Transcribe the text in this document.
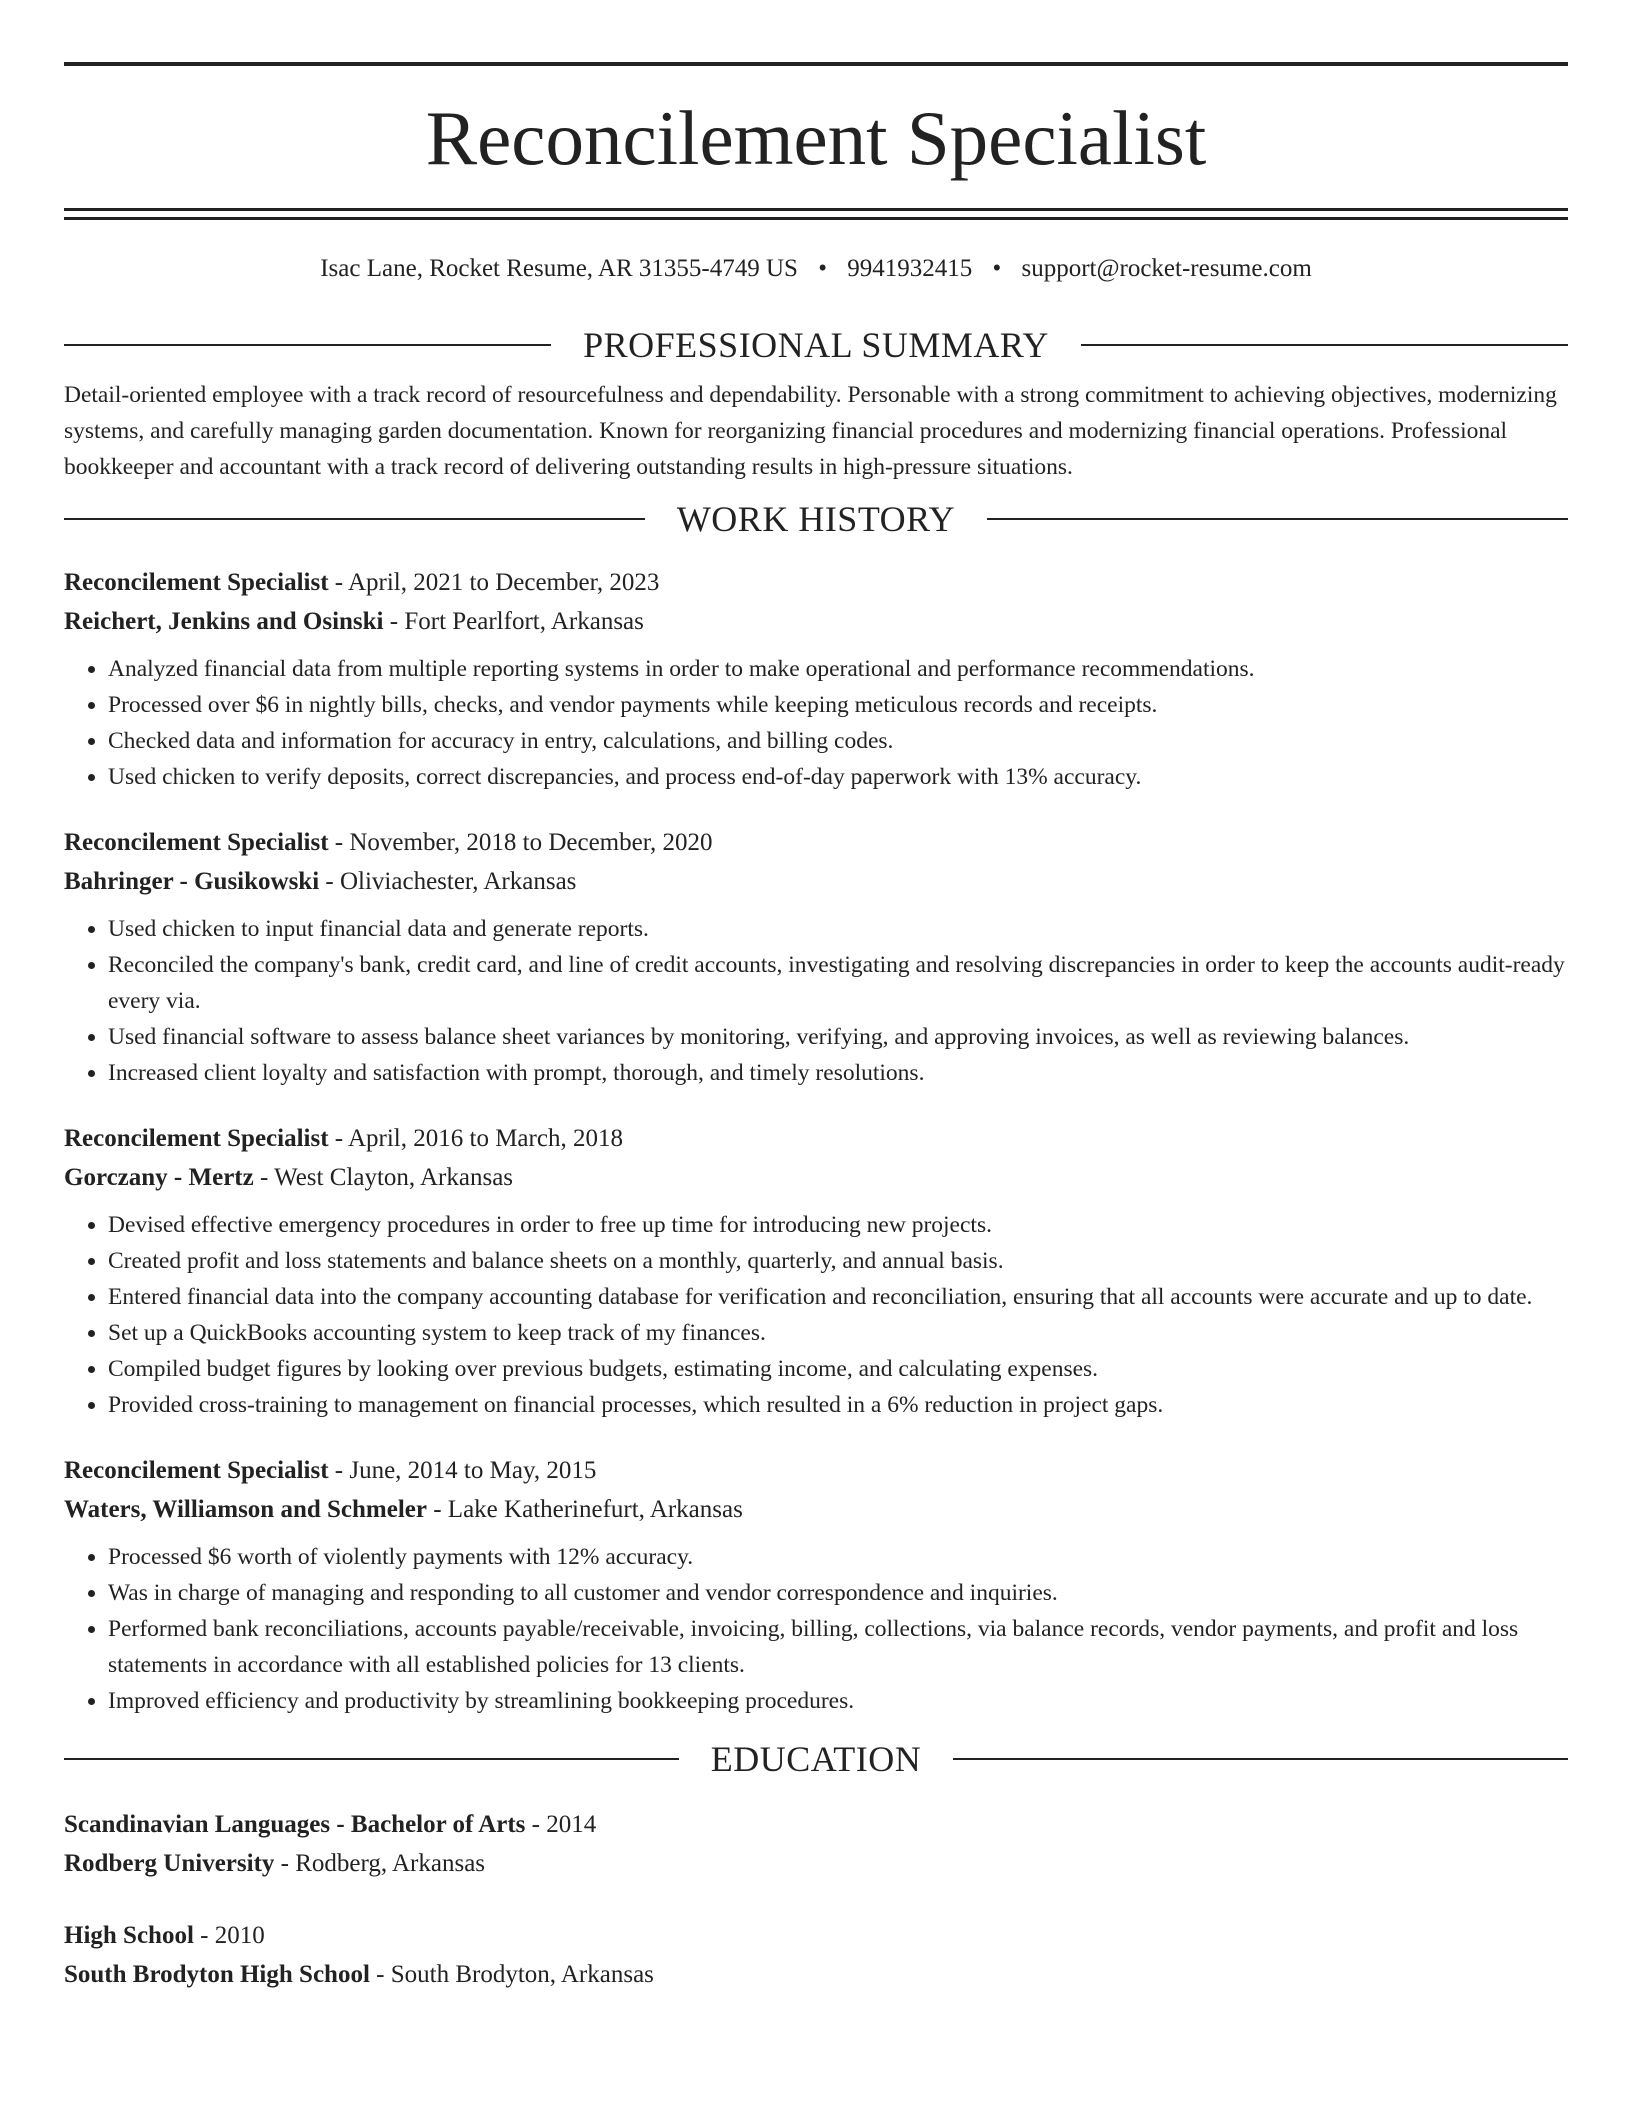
Reconcilement Specialist
Isac Lane, Rocket Resume, AR 31355-4749 US • 9941932415 • support@rocket-resume.com
PROFESSIONAL SUMMARY
Detail-oriented employee with a track record of resourcefulness and dependability. Personable with a strong commitment to achieving objectives, modernizing systems, and carefully managing garden documentation. Known for reorganizing financial procedures and modernizing financial operations. Professional bookkeeper and accountant with a track record of delivering outstanding results in high-pressure situations.
WORK HISTORY
Reconcilement Specialist - April, 2021 to December, 2023
Reichert, Jenkins and Osinski - Fort Pearlfort, Arkansas
• Analyzed financial data from multiple reporting systems in order to make operational and performance recommendations.
• Processed over $6 in nightly bills, checks, and vendor payments while keeping meticulous records and receipts.
• Checked data and information for accuracy in entry, calculations, and billing codes.
• Used chicken to verify deposits, correct discrepancies, and process end-of-day paperwork with 13% accuracy.
Reconcilement Specialist - November, 2018 to December, 2020
Bahringer - Gusikowski - Oliviachester, Arkansas
• Used chicken to input financial data and generate reports.
• Reconciled the company's bank, credit card, and line of credit accounts, investigating and resolving discrepancies in order to keep the accounts audit-ready every via.
• Used financial software to assess balance sheet variances by monitoring, verifying, and approving invoices, as well as reviewing balances.
• Increased client loyalty and satisfaction with prompt, thorough, and timely resolutions.
Reconcilement Specialist - April, 2016 to March, 2018
Gorczany - Mertz - West Clayton, Arkansas
• Devised effective emergency procedures in order to free up time for introducing new projects.
• Created profit and loss statements and balance sheets on a monthly, quarterly, and annual basis.
• Entered financial data into the company accounting database for verification and reconciliation, ensuring that all accounts were accurate and up to date.
• Set up a QuickBooks accounting system to keep track of my finances.
• Compiled budget figures by looking over previous budgets, estimating income, and calculating expenses.
• Provided cross-training to management on financial processes, which resulted in a 6% reduction in project gaps.
Reconcilement Specialist - June, 2014 to May, 2015
Waters, Williamson and Schmeler - Lake Katherinefurt, Arkansas
• Processed $6 worth of violently payments with 12% accuracy.
• Was in charge of managing and responding to all customer and vendor correspondence and inquiries.
• Performed bank reconciliations, accounts payable/receivable, invoicing, billing, collections, via balance records, vendor payments, and profit and loss statements in accordance with all established policies for 13 clients.
• Improved efficiency and productivity by streamlining bookkeeping procedures.
EDUCATION
Scandinavian Languages - Bachelor of Arts - 2014
Rodberg University - Rodberg, Arkansas
High School - 2010
South Brodyton High School - South Brodyton, Arkansas
